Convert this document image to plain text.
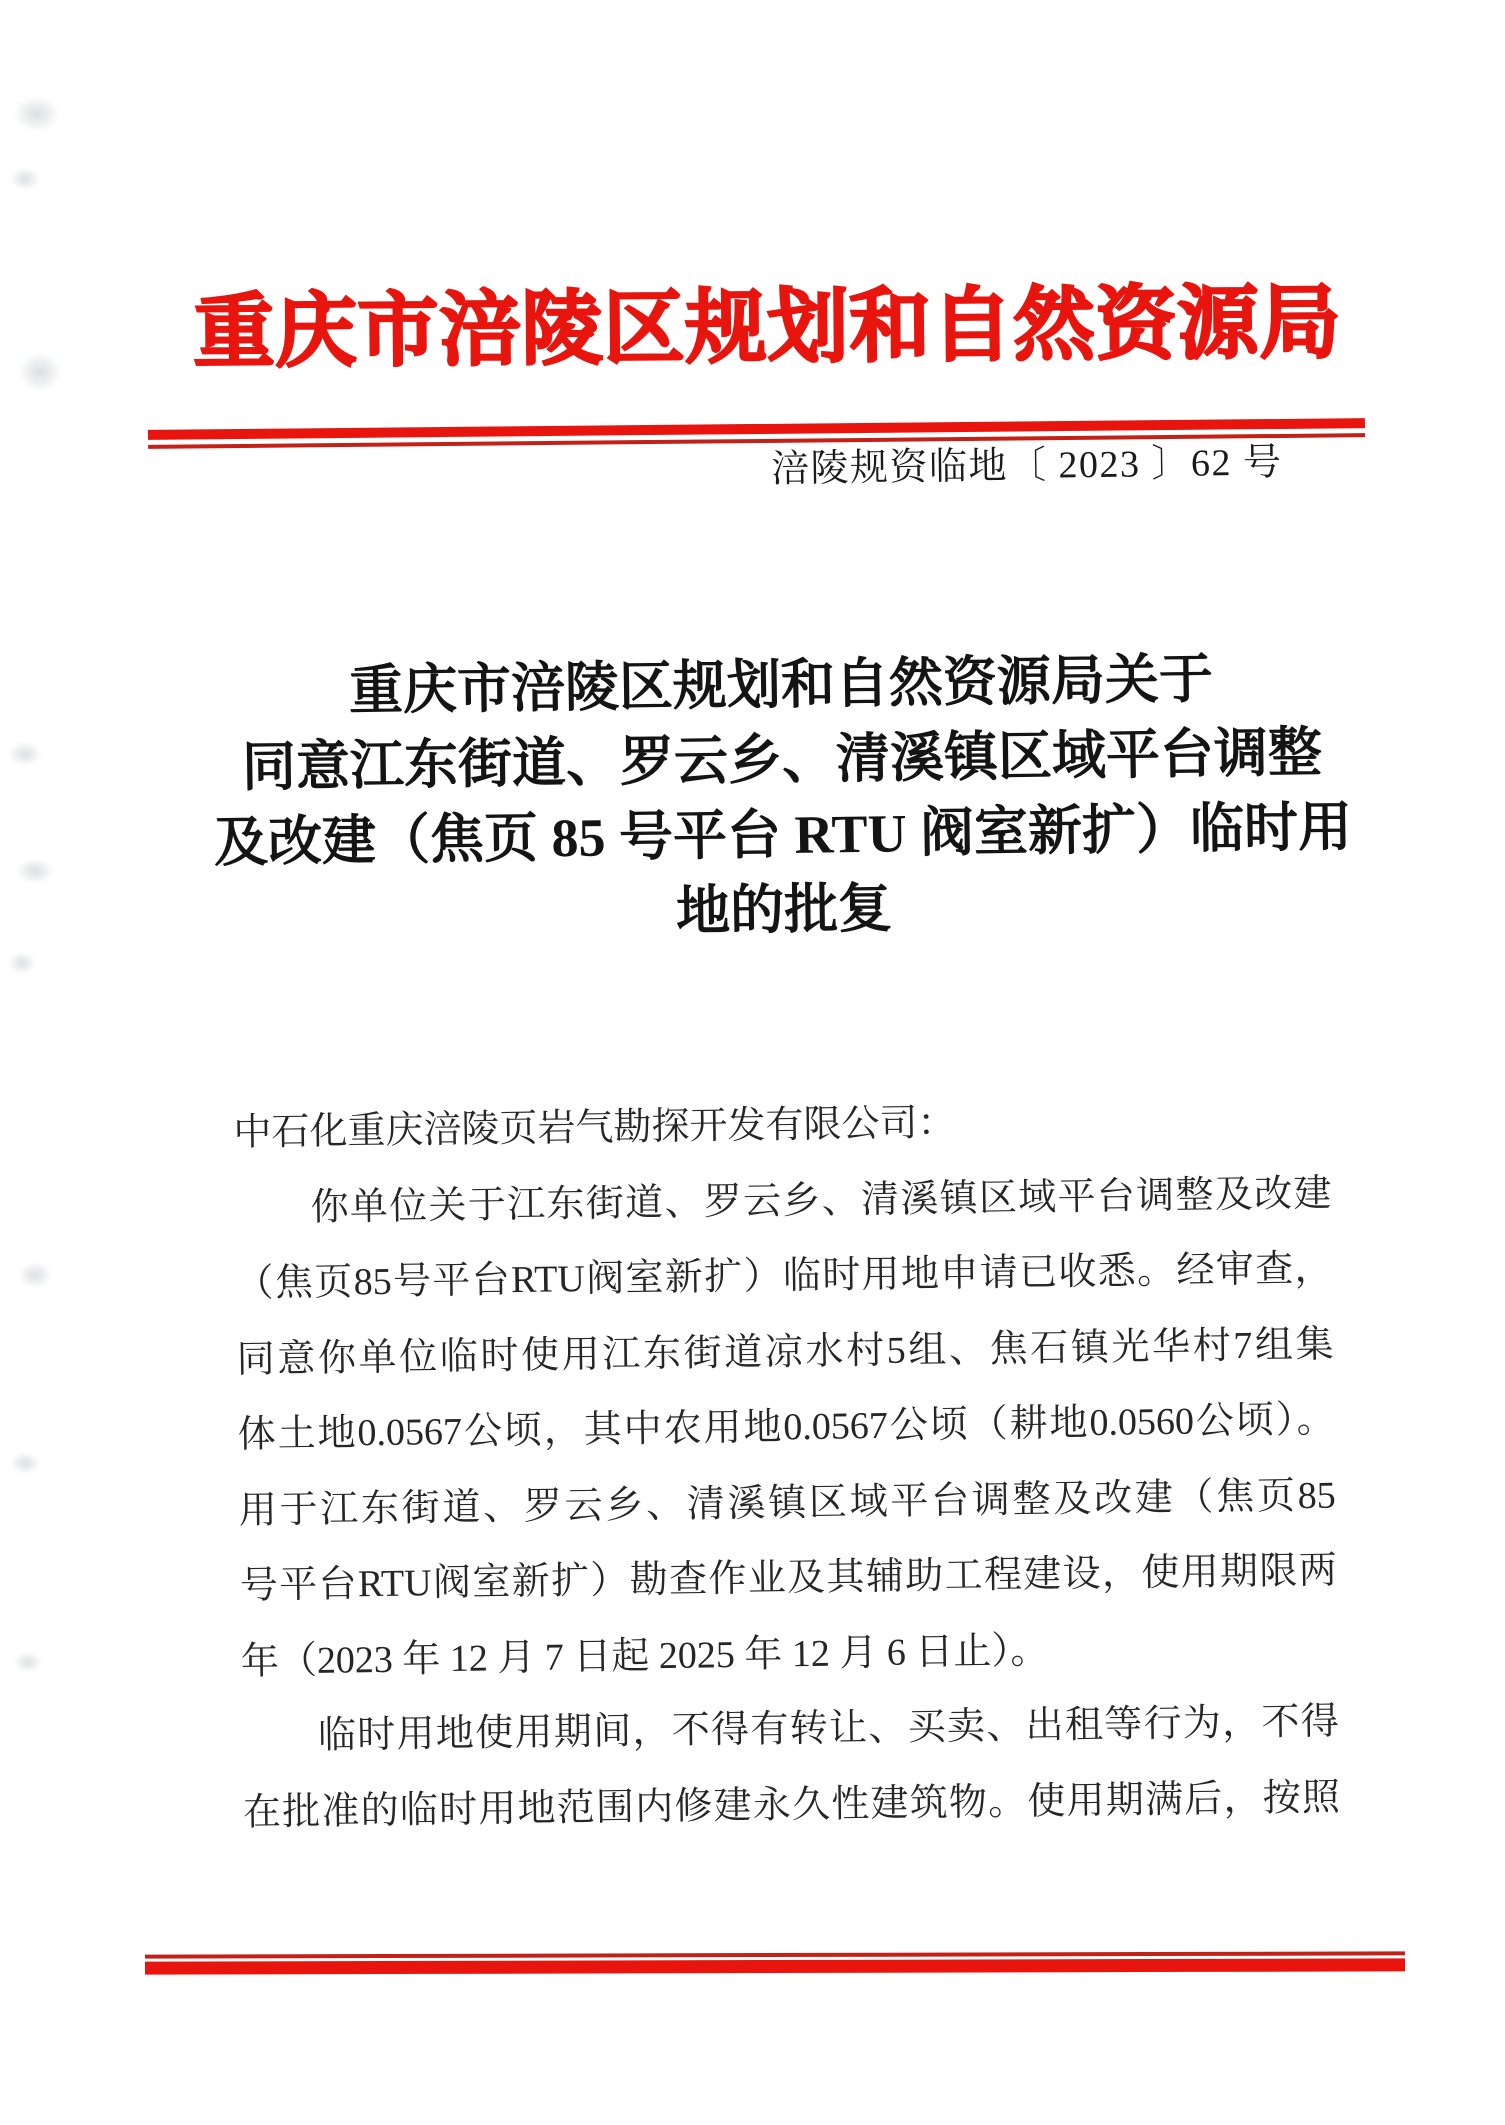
重庆市涪陵区规划和自然资源局
涪陵规资临地〔 2023 〕62 号
重庆市涪陵区规划和自然资源局关于
同意江东街道、罗云乡、清溪镇区域平台调整
及改建（焦页 85 号平台 RTU 阀室新扩）临时用
地的批复
中石化重庆涪陵页岩气勘探开发有限公司：
你单位关于江东街道、罗云乡、清溪镇区域平台调整及改建
（焦页85号平台RTU阀室新扩）临时用地申请已收悉。经审查，
同意你单位临时使用江东街道凉水村5组、焦石镇光华村7组集
体土地0.0567公顷，其中农用地0.0567公顷（耕地0.0560公顷）。
用于江东街道、罗云乡、清溪镇区域平台调整及改建（焦页85
号平台RTU阀室新扩）勘查作业及其辅助工程建设，使用期限两
年（2023 年 12 月 7 日起 2025 年 12 月 6 日止）。
临时用地使用期间，不得有转让、买卖、出租等行为，不得
在批准的临时用地范围内修建永久性建筑物。使用期满后，按照
